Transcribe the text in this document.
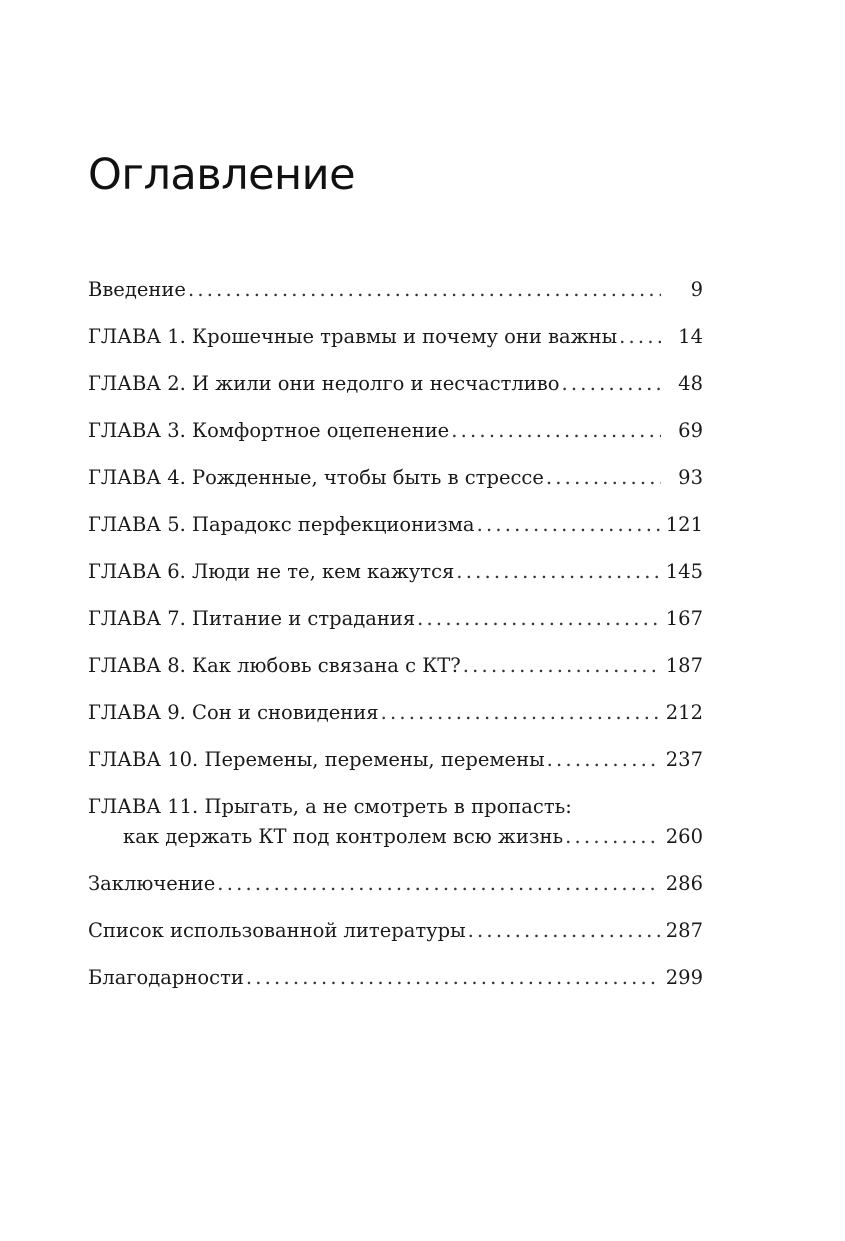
Оглавление
Введение . . .	9
ГЛАВА 1. Крошечные травмы и почему они важны . . .	14
ГЛАВА 2. И жили они недолго и несчастливо . . .	48
ГЛАВА 3. Комфортное оцепенение . . .	69
ГЛАВА 4. Рожденные, чтобы быть в стрессе . . .	93
ГЛАВА 5. Парадокс перфекционизма . . .	121
ГЛАВА 6. Люди не те, кем кажутся . . .	145
ГЛАВА 7. Питание и страдания . . .	167
ГЛАВА 8. Как любовь связана с КТ? . . .	187
ГЛАВА 9. Сон и сновидения . . .	212
ГЛАВА 10. Перемены, перемены, перемены . . .	237
ГЛАВА 11. Прыгать, а не смотреть в пропасть:
как держать КТ под контролем всю жизнь . . .	260
Заключение . . .	286
Список использованной литературы . . .	287
Благодарности . . .	299
